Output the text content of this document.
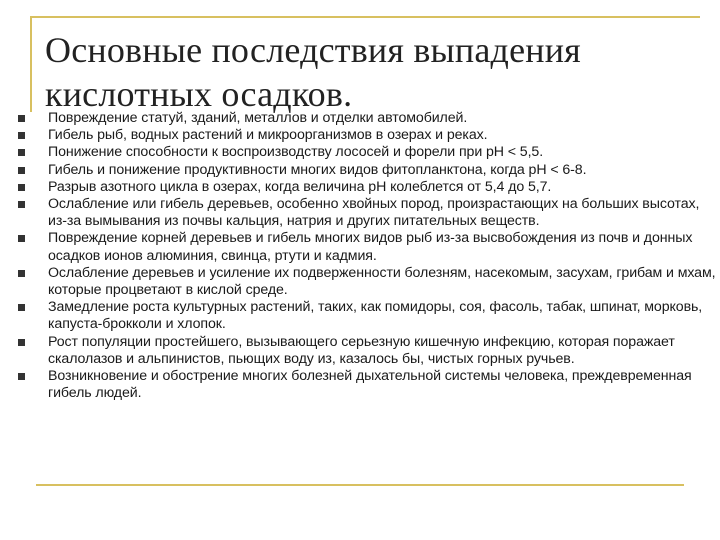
Основные последствия выпадения кислотных осадков.
Повреждение статуй, зданий, металлов и отделки автомобилей.
Гибель рыб, водных растений и микроорганизмов в озерах и реках.
Понижение способности к воспроизводству лососей и форели при рН < 5,5.
Гибель и понижение продуктивности многих видов фитопланктона, когда рН < 6-8.
Разрыв азотного цикла в озерах, когда величина рН колеблется от 5,4 до 5,7.
Ослабление или гибель деревьев, особенно хвойных пород, произрастающих на больших высотах, из-за вымывания из почвы кальция, натрия и других питательных веществ.
Повреждение корней деревьев и гибель многих видов рыб из-за высвобождения из почв и донных осадков ионов алюминия, свинца, ртути и кадмия.
Ослабление деревьев и усиление их подверженности болезням, насекомым, засухам, грибам и мхам, которые процветают в кислой среде.
Замедление роста культурных растений, таких, как помидоры, соя, фасоль, табак, шпинат, морковь, капуста-брокколи и хлопок.
Рост популяции простейшего, вызывающего серьезную кишечную инфекцию, которая поражает скалолазов и альпинистов, пьющих воду из, казалось бы, чистых горных ручьев.
Возникновение и обострение многих болезней дыхательной системы человека, преждевременная гибель людей.
